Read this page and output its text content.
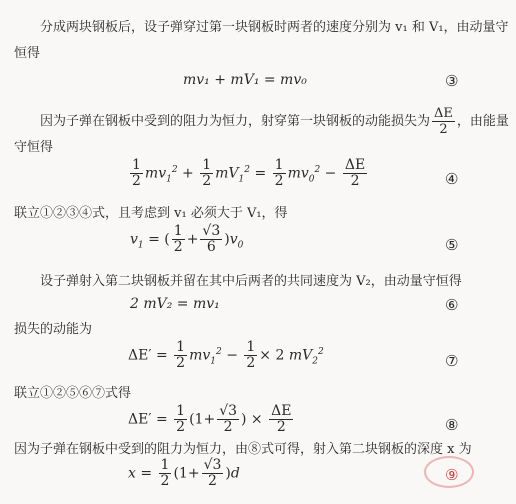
分成两块钢板后，设子弹穿过第一块钢板时两者的速度分别为 v₁ 和 V₁，由动量守
恒得
mv₁ + mV₁ = mv₀	③
因为子弹在钢板中受到的阻力为恒力，射穿第一块钢板的动能损失为 $\frac{\Delta E}{2}$ ，由能量
守恒得
$\frac{1}{2} mv_1^2 + \frac{1}{2} mV_1^2 = \frac{1}{2} mv_0^2 - \frac{\Delta E}{2}$	④
联立①②③④式，且考虑到 v₁ 必须大于 V₁，得
$v_1$ = ( $\frac{1}{2} + \frac{√3}{6} )v_0$	⑤
设子弹射入第二块钢板并留在其中后两者的共同速度为 V₂，由动量守恒得
2 mV₂ = mv₁	⑥
损失的动能为
$\Delta E' = \frac{1}{2} mv_1^2 - \frac{1}{2} \times 2$ $mV_2^2$
⑦
联立①②⑤⑥⑦式得
$\Delta E' = \frac{1}{2} (1+ \frac{√3}{2}$ ) × $\frac{\Delta E}{2}$	⑧
因为子弹在钢板中受到的阻力为恒力，由⑧式可得，射入第二块钢板的深度 x 为
$x = \frac{1}{2} (1+ \frac{√3}{2} )d$	⑨
